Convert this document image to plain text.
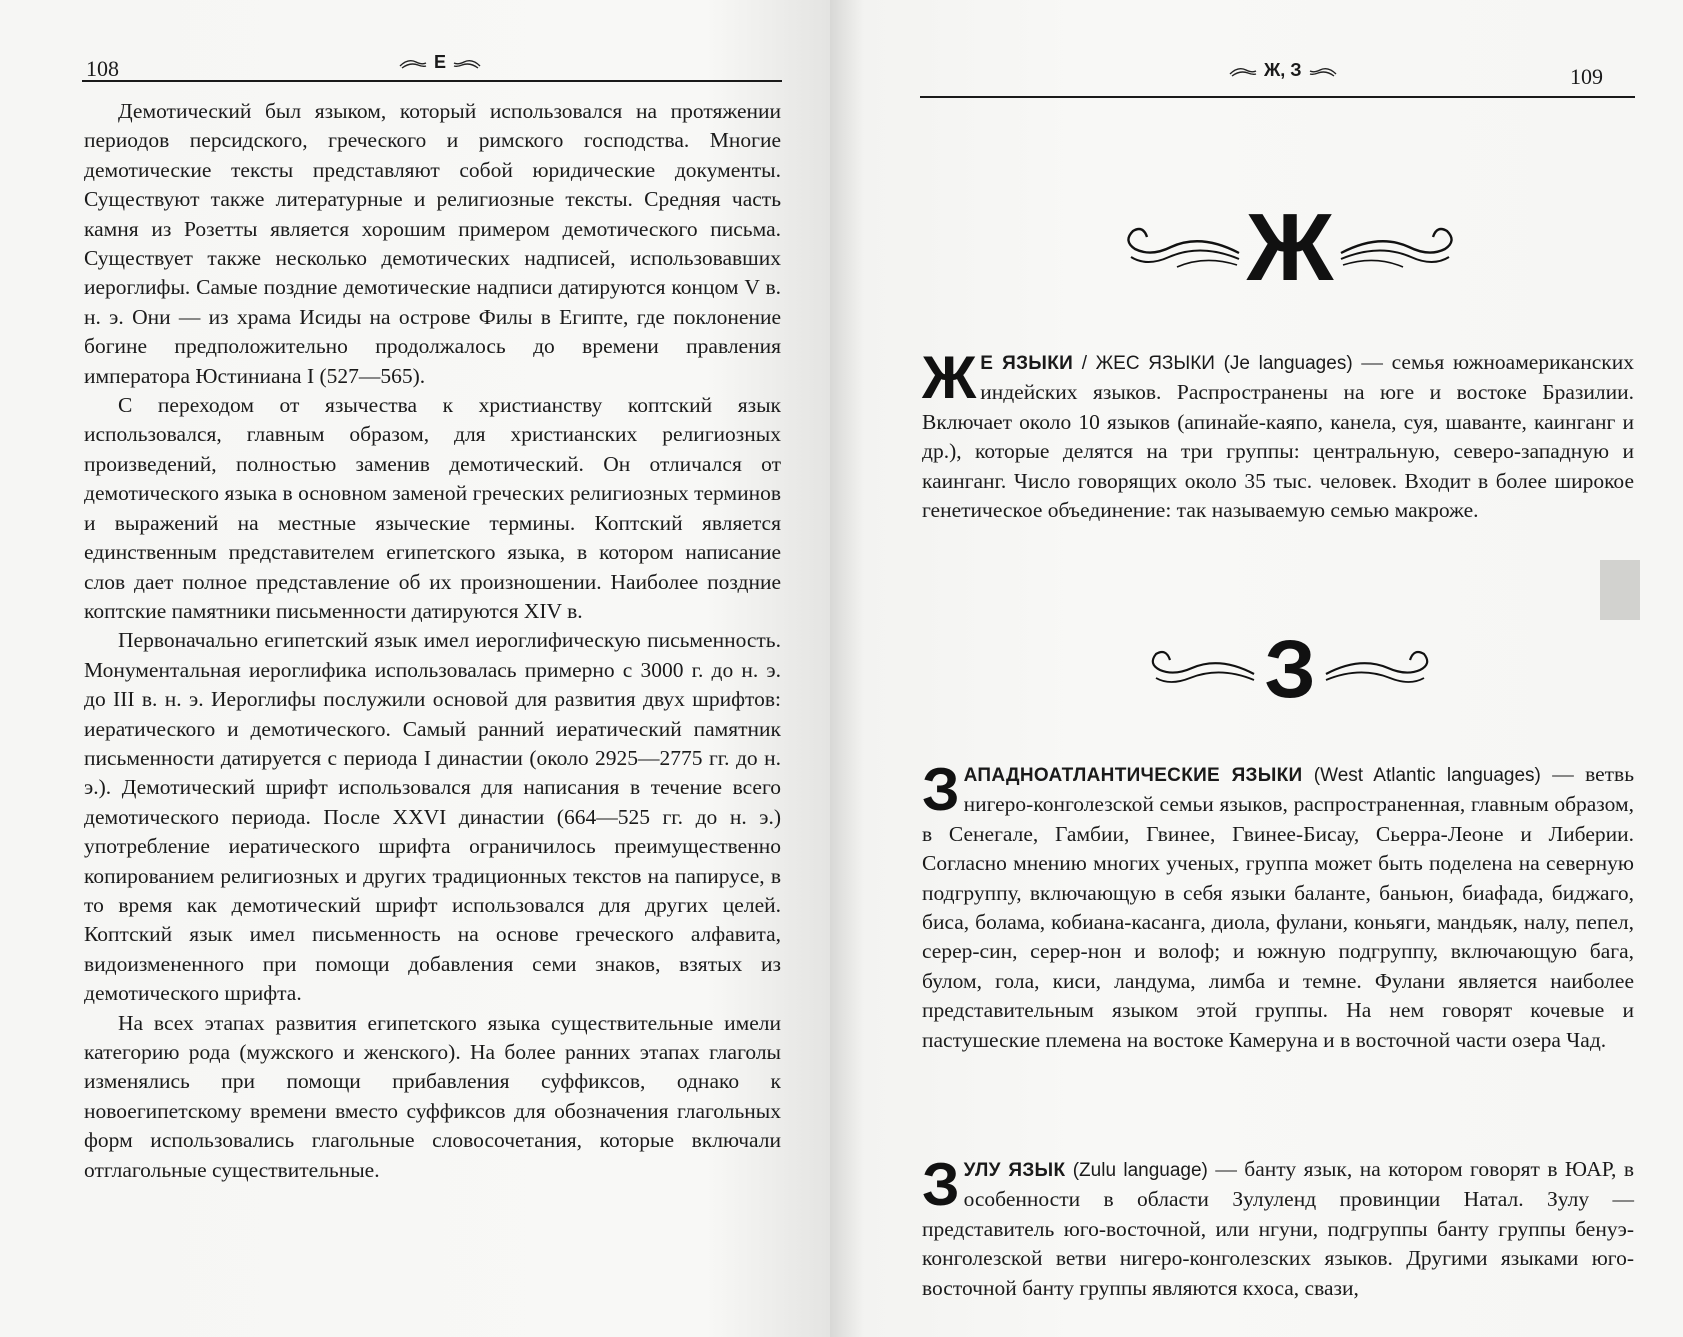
108	Е

Демотический был языком, который использовался на протяжении периодов персидского, греческого и римского господства. Многие демотические тексты представляют собой юридические документы. Существуют также литературные и религиозные тексты. Средняя часть камня из Розетты является хорошим примером демотического письма. Существует также несколько демотических надписей, использовавших иероглифы. Самые поздние демотические надписи датируются концом V в. н. э. Они — из храма Исиды на острове Филы в Египте, где поклонение богине предположительно продолжалось до времени правления императора Юстиниана I (527—565).

С переходом от язычества к христианству коптский язык использовался, главным образом, для христианских религиозных произведений, полностью заменив демотический. Он отличался от демотического языка в основном заменой греческих религиозных терминов и выражений на местные языческие термины. Коптский является единственным представителем египетского языка, в котором написание слов дает полное представление об их произношении. Наиболее поздние коптские памятники письменности датируются XIV в.

Первоначально египетский язык имел иероглифическую письменность. Монументальная иероглифика использовалась примерно с 3000 г. до н. э. до III в. н. э. Иероглифы послужили основой для развития двух шрифтов: иератического и демотического. Самый ранний иератический памятник письменности датируется с периода I династии (около 2925—2775 гг. до н. э.). Демотический шрифт использовался для написания в течение всего демотического периода. После XXVI династии (664—525 гг. до н. э.) употребление иератического шрифта ограничилось преимущественно копированием религиозных и других традиционных текстов на папирусе, в то время как демотический шрифт использовался для других целей. Коптский язык имел письменность на основе греческого алфавита, видоизмененного при помощи добавления семи знаков, взятых из демотического шрифта.

На всех этапах развития египетского языка существительные имели категорию рода (мужского и женского). На более ранних этапах глаголы изменялись при помощи прибавления суффиксов, однако к новоегипетскому времени вместо суффиксов для обозначения глагольных форм использовались глагольные словосочетания, которые включали отглагольные существительные.

Ж, З	109
Ж
Ж Е ЯЗЫКИ / ЖЕС ЯЗЫКИ (Je languages) — семья южноамериканских индейских языков. Распространены на юге и востоке Бразилии. Включает около 10 языков (апинайе-каяпо, канела, суя, шаванте, каинганг и др.), которые делятся на три группы: центральную, северо-западную и каинганг. Число говорящих около 35 тыс. человек. Входит в более широкое генетическое объединение: так называемую семью макроже.
З
ЗАПАДНОАТЛАНТИЧЕСКИЕ ЯЗЫКИ (West Atlantic languages) — ветвь нигеро-конголезской семьи языков, распространенная, главным образом, в Сенегале, Гамбии, Гвинее, Гвинее-Бисау, Сьерра-Леоне и Либерии. Согласно мнению многих ученых, группа может быть поделена на северную подгруппу, включающую в себя языки баланте, баньюн, биафада, биджаго, биса, болама, кобиана-касанга, диола, фулани, коньяги, мандьяк, налу, пепел, серер-син, серер-нон и волоф; и южную подгруппу, включающую бага, булом, гола, киси, ландума, лимба и темне. Фулани является наиболее представительным языком этой группы. На нем говорят кочевые и пастушеские племена на востоке Камеруна и в восточной части озера Чад.
ЗУЛУ ЯЗЫК (Zulu language) — банту язык, на котором говорят в ЮАР, в особенности в области Зулуленд провинции Натал. Зулу — представитель юго-восточной, или нгуни, подгруппы банту группы бенуэ-конголезской ветви нигеро-конголезских языков. Другими языками юго-восточной банту группы являются кхоса, свази,
